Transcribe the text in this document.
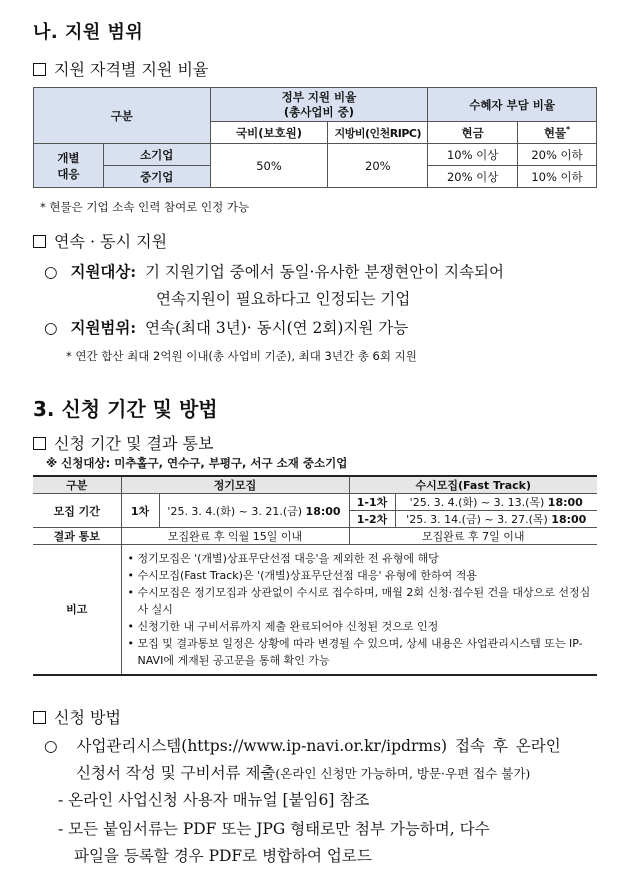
나. 지원 범위
지원 자격별 지원 비율
구분		정부 지원 비율
(총사업비 중)		수혜자 부담 비율	
		국비(보호원)	지방비(인천RIPC)	현금	현물*
개별
대응	소기업	50%	20%	10% 이상	20% 이하
	중기업			20% 이상	10% 이하
* 현물은 기업 소속 인력 참여로 인정 가능
연속 · 동시 지원
○ 지원대상: 기 지원기업 중에서 동일·유사한 분쟁현안이 지속되어
연속지원이 필요하다고 인정되는 기업
○ 지원범위: 연속(최대 3년)· 동시(연 2회)지원 가능
* 연간 합산 최대 2억원 이내(총 사업비 기준), 최대 3년간 총 6회 지원
3. 신청 기간 및 방법
신청 기간 및 결과 통보
※ 신청대상: 미추홀구, 연수구, 부평구, 서구 소재 중소기업
구분	정기모집		수시모집(Fast Track)	
모집 기간	1차	'25. 3. 4.(화) ~ 3. 21.(금) 18:00	1-1차	'25. 3. 4.(화) ~ 3. 13.(목) 18:00
			1-2차	'25. 3. 14.(금) ~ 3. 27.(목) 18:00
결과 통보	모집완료 후 익월 15일 이내		모집완료 후 7일 이내	
비고	• 정기모집은 '(개별)상표무단선점 대응'을 제외한 전 유형에 해당
• 수시모집(Fast Track)은 '(개별)상표무단선점 대응' 유형에 한하여 적용
• 수시모집은 정기모집과 상관없이 수시로 접수하며, 매월 2회 신청·접수된 건을 대상으로 선정심사 실시
• 신청기한 내 구비서류까지 제출 완료되어야 신청된 것으로 인정
• 모집 및 결과통보 일정은 상황에 따라 변경될 수 있으며, 상세 내용은 사업관리시스템 또는 IP-NAVI에 게재된 공고문을 통해 확인 가능			
신청 방법
○ 사업관리시스템(https://www.ip-navi.or.kr/ipdrms) 접속 후 온라인
신청서 작성 및 구비서류 제출(온라인 신청만 가능하며, 방문·우편 접수 불가)
- 온라인 사업신청 사용자 매뉴얼 [붙임6] 참조
- 모든 붙임서류는 PDF 또는 JPG 형태로만 첨부 가능하며, 다수
파일을 등록할 경우 PDF로 병합하여 업로드
